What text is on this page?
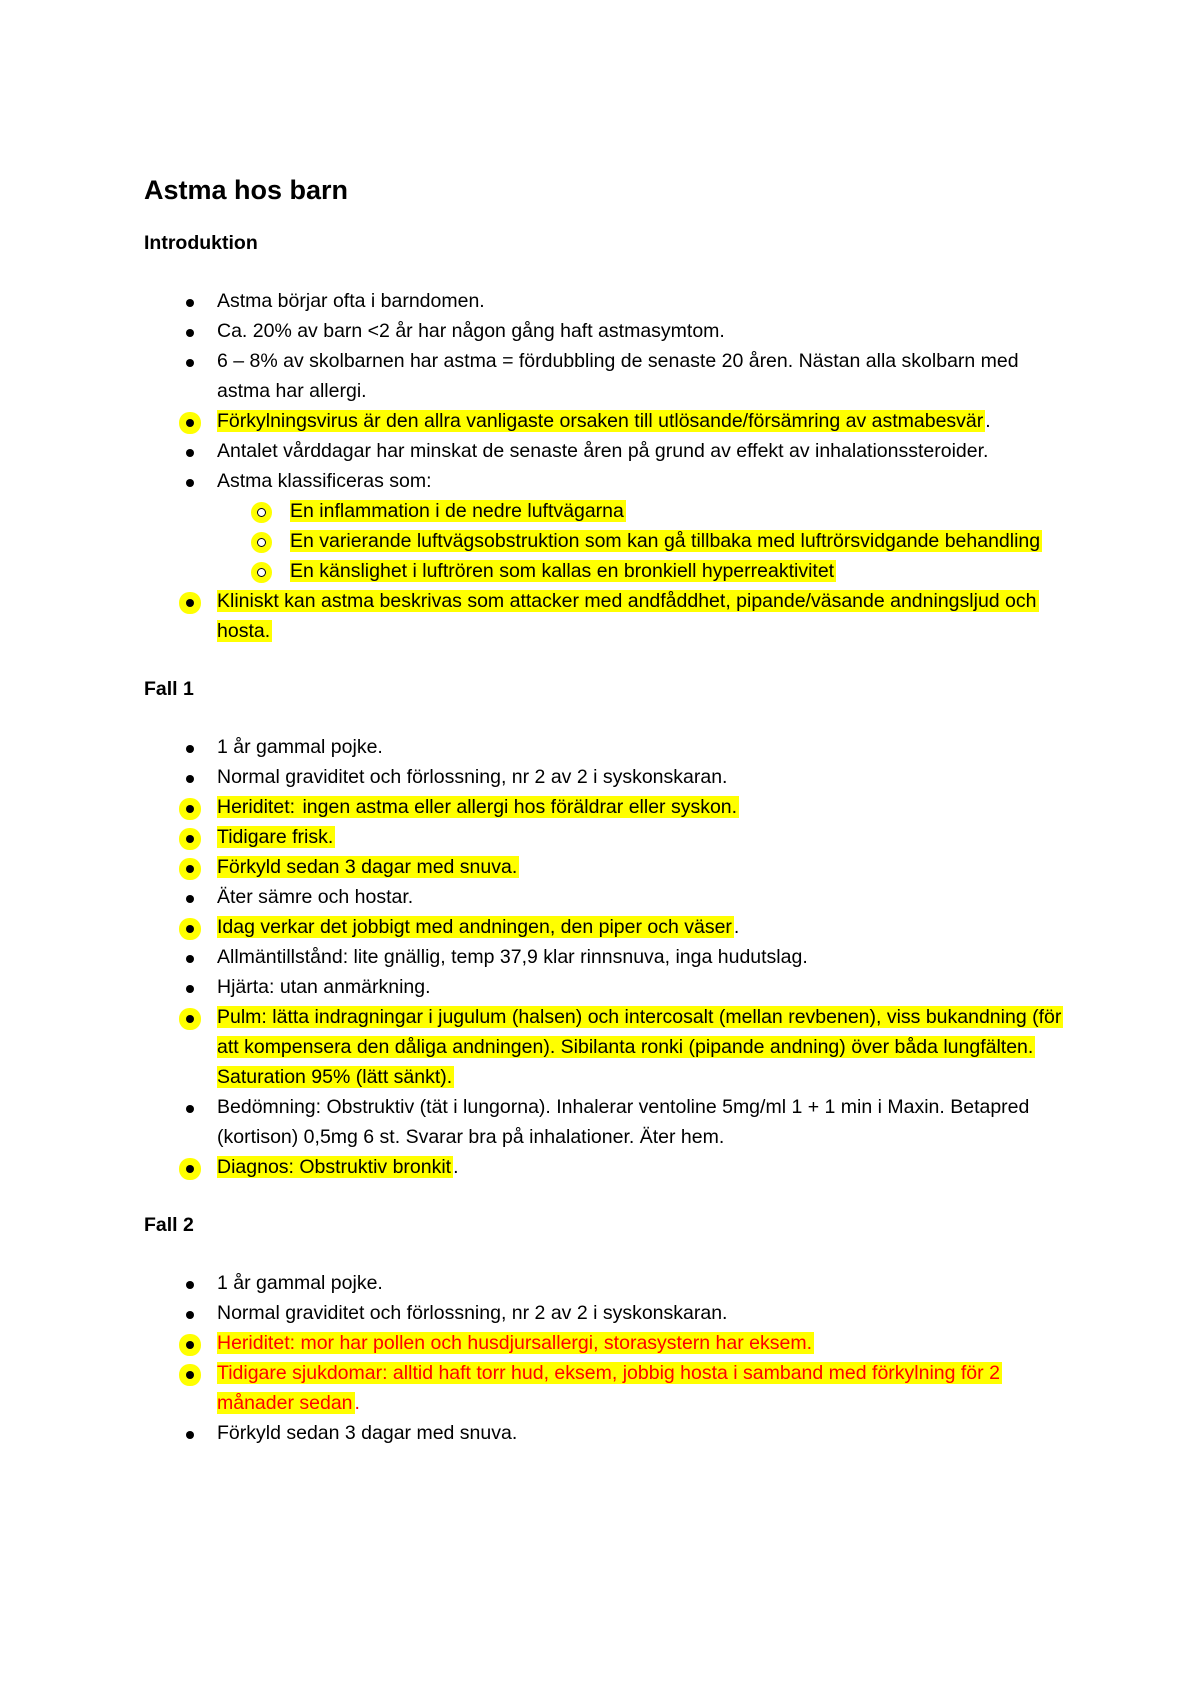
Astma hos barn
Introduktion
Astma börjar ofta i barndomen.
Ca. 20% av barn <2 år har någon gång haft astmasymtom.
6 – 8% av skolbarnen har astma = fördubbling de senaste 20 åren. Nästan alla skolbarn med astma har allergi.
Förkylningsvirus är den allra vanligaste orsaken till utlösande/försämring av astmabesvär .
Antalet vårddagar har minskat de senaste åren på grund av effekt av inhalationssteroider.
Astma klassificeras som:
En inflammation i de nedre luftvägarna
En varierande luftvägsobstruktion som kan gå tillbaka med luftrörsvidgande behandling
En känslighet i luftrören som kallas en bronkiell hyperreaktivitet
Kliniskt kan astma beskrivas som attacker med andfåddhet, pipande/väsande andningsljud och hosta.
Fall 1
1 år gammal pojke.
Normal graviditet och förlossning, nr 2 av 2 i syskonskaran.
Heriditet: ingen astma eller allergi hos föräldrar eller syskon.
Tidigare frisk.
Förkyld sedan 3 dagar med snuva.
Äter sämre och hostar.
Idag verkar det jobbigt med andningen, den piper och väser .
Allmäntillstånd: lite gnällig, temp 37,9 klar rinnsnuva, inga hudutslag.
Hjärta: utan anmärkning.
Pulm: lätta indragningar i jugulum (halsen) och intercosalt (mellan revbenen), viss bukandning (för att kompensera den dåliga andningen). Sibilanta ronki (pipande andning) över båda lungfälten. Saturation 95% (lätt sänkt).
Bedömning: Obstruktiv (tät i lungorna). Inhalerar ventoline 5mg/ml 1 + 1 min i Maxin. Betapred (kortison) 0,5mg 6 st. Svarar bra på inhalationer. Äter hem.
Diagnos: Obstruktiv bronkit .
Fall 2
1 år gammal pojke.
Normal graviditet och förlossning, nr 2 av 2 i syskonskaran.
Heriditet: mor har pollen och husdjursallergi, storasystern har eksem.
Tidigare sjukdomar: alltid haft torr hud, eksem, jobbig hosta i samband med förkylning för 2 månader sedan .
Förkyld sedan 3 dagar med snuva.
